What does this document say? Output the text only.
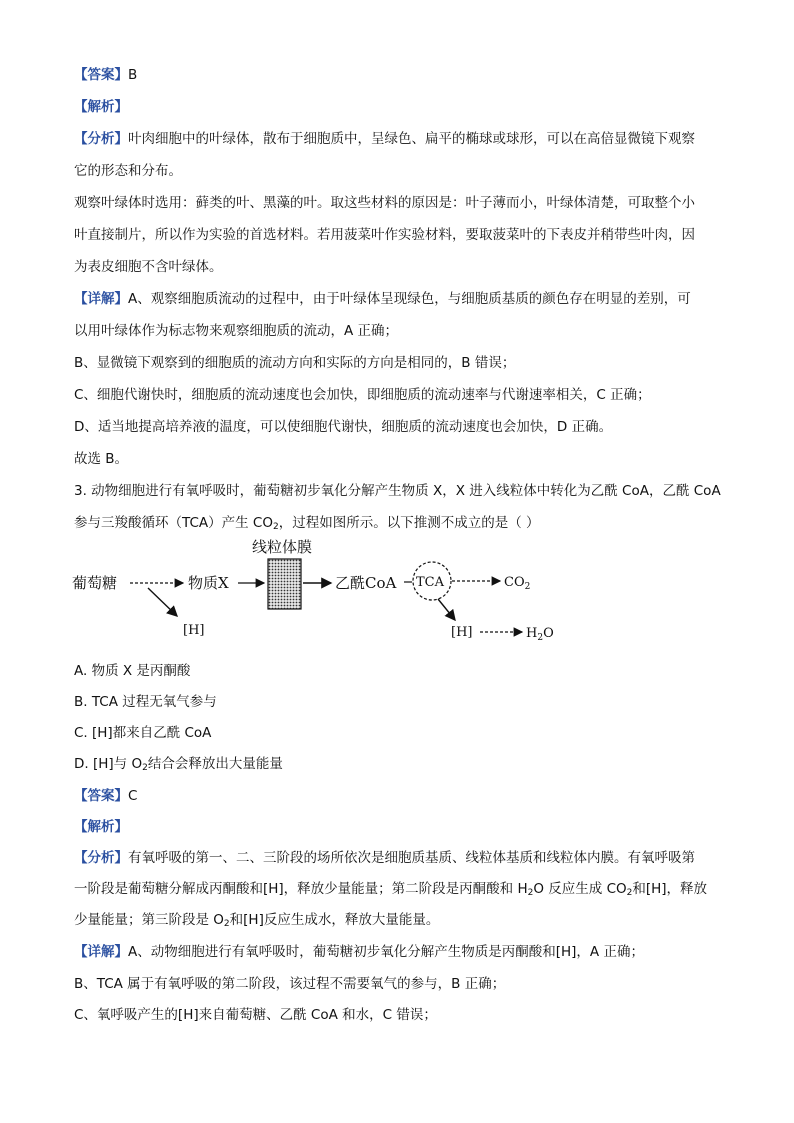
【答案】B
【解析】
【分析】叶肉细胞中的叶绿体，散布于细胞质中，呈绿色、扁平的椭球或球形，可以在高倍显微镜下观察
它的形态和分布。
观察叶绿体时选用：藓类的叶、黑藻的叶。取这些材料的原因是：叶子薄而小，叶绿体清楚，可取整个小
叶直接制片，所以作为实验的首选材料。若用菠菜叶作实验材料，要取菠菜叶的下表皮并稍带些叶肉，因
为表皮细胞不含叶绿体。
【详解】A、观察细胞质流动的过程中，由于叶绿体呈现绿色，与细胞质基质的颜色存在明显的差别，可
以用叶绿体作为标志物来观察细胞质的流动，A 正确；
B、显微镜下观察到的细胞质的流动方向和实际的方向是相同的，B 错误；
C、细胞代谢快时，细胞质的流动速度也会加快，即细胞质的流动速率与代谢速率相关，C 正确；
D、适当地提高培养液的温度，可以使细胞代谢快，细胞质的流动速度也会加快，D 正确。
故选 B。
3. 动物细胞进行有氧呼吸时，葡萄糖初步氧化分解产生物质 X，X 进入线粒体中转化为乙酰 CoA，乙酰 CoA
参与三羧酸循环（TCA）产生 $CO_2$，过程如图所示。以下推测不成立的是（ ）
线粒体膜
葡萄糖	物质X
[H]
乙酰CoA TCA	$CO_2$
[H]	$H_2O$
A. 物质 X 是丙酮酸
B. TCA 过程无氧气参与
C. [H]都来自乙酰 CoA
D. [H]与 $O_2$结合会释放出大量能量
【答案】C
【解析】
【分析】有氧呼吸的第一、二、三阶段的场所依次是细胞质基质、线粒体基质和线粒体内膜。有氧呼吸第
一阶段是葡萄糖分解成丙酮酸和[H]，释放少量能量；第二阶段是丙酮酸和 $H_2O$ 反应生成 $CO_2$和[H]，释放
少量能量；第三阶段是 $O_2$和[H]反应生成水，释放大量能量。
【详解】A、动物细胞进行有氧呼吸时，葡萄糖初步氧化分解产生物质是丙酮酸和[H]，A 正确；
B、TCA 属于有氧呼吸的第二阶段，该过程不需要氧气的参与，B 正确；
C、氧呼吸产生的[H]来自葡萄糖、乙酰 CoA 和水，C 错误；
